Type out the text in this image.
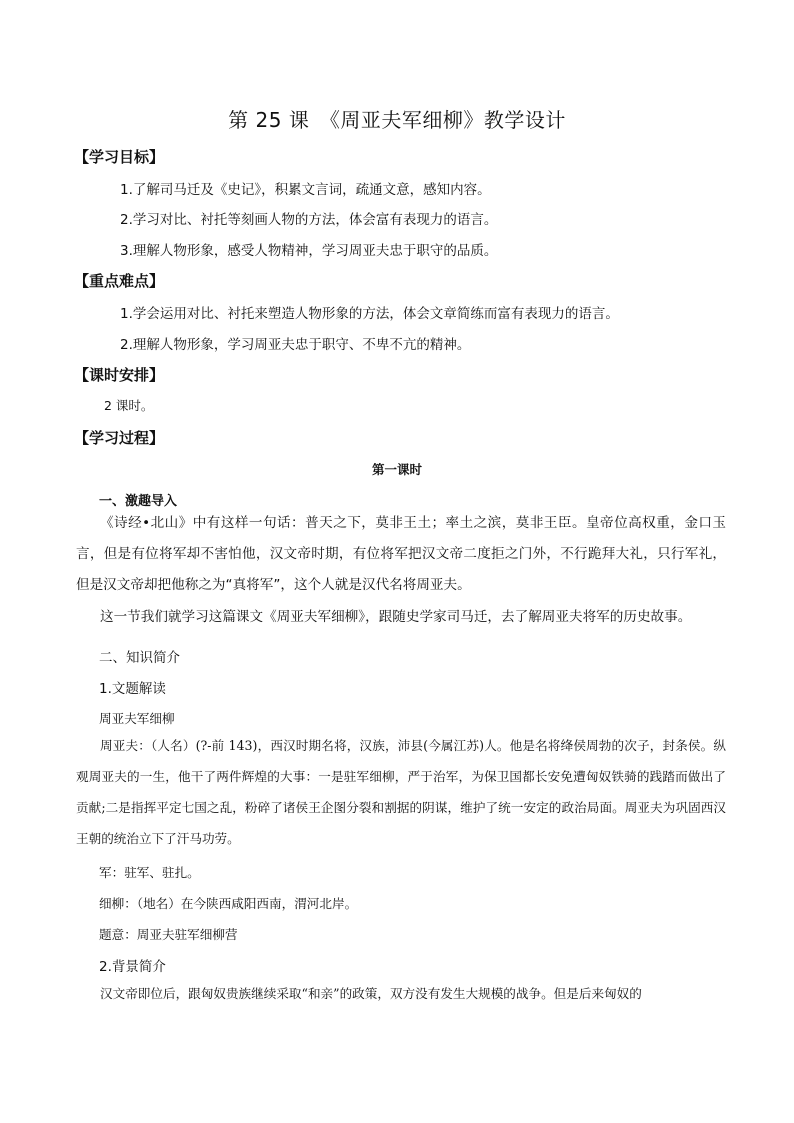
第 25 课　《周亚夫军细柳》教学设计
【学习目标】
1.了解司马迁及《史记》，积累文言词，疏通文意，感知内容。
2.学习对比、衬托等刻画人物的方法，体会富有表现力的语言。
3.理解人物形象，感受人物精神，学习周亚夫忠于职守的品质。
【重点难点】
1.学会运用对比、衬托来塑造人物形象的方法，体会文章简练而富有表现力的语言。
2.理解人物形象，学习周亚夫忠于职守、不卑不亢的精神。
【课时安排】
2 课时。
【学习过程】
第一课时
一、激趣导入
《诗经•北山》中有这样一句话：普天之下，莫非王土；率土之滨，莫非王臣。皇帝位高权重，金口玉言，但是有位将军却不害怕他，汉文帝时期，有位将军把汉文帝二度拒之门外，不行跪拜大礼，只行军礼，但是汉文帝却把他称之为“真将军”，这个人就是汉代名将周亚夫。
这一节我们就学习这篇课文《周亚夫军细柳》，跟随史学家司马迁，去了解周亚夫将军的历史故事。
二、知识简介
1.文题解读
周亚夫军细柳
周亚夫：（人名）(?-前 143)，西汉时期名将，汉族，沛县(今属江苏)人。他是名将绛侯周勃的次子，封条侯。纵观周亚夫的一生，他干了两件辉煌的大事：一是驻军细柳，严于治军，为保卫国都长安免遭匈奴铁骑的践踏而做出了贡献;二是指挥平定七国之乱，粉碎了诸侯王企图分裂和割据的阴谋，维护了统一安定的政治局面。周亚夫为巩固西汉王朝的统治立下了汗马功劳。
军：驻军、驻扎。
细柳：（地名）在今陕西咸阳西南，渭河北岸。
题意：周亚夫驻军细柳营
2.背景简介
汉文帝即位后，跟匈奴贵族继续采取“和亲”的政策，双方没有发生大规模的战争。但是后来匈奴的
